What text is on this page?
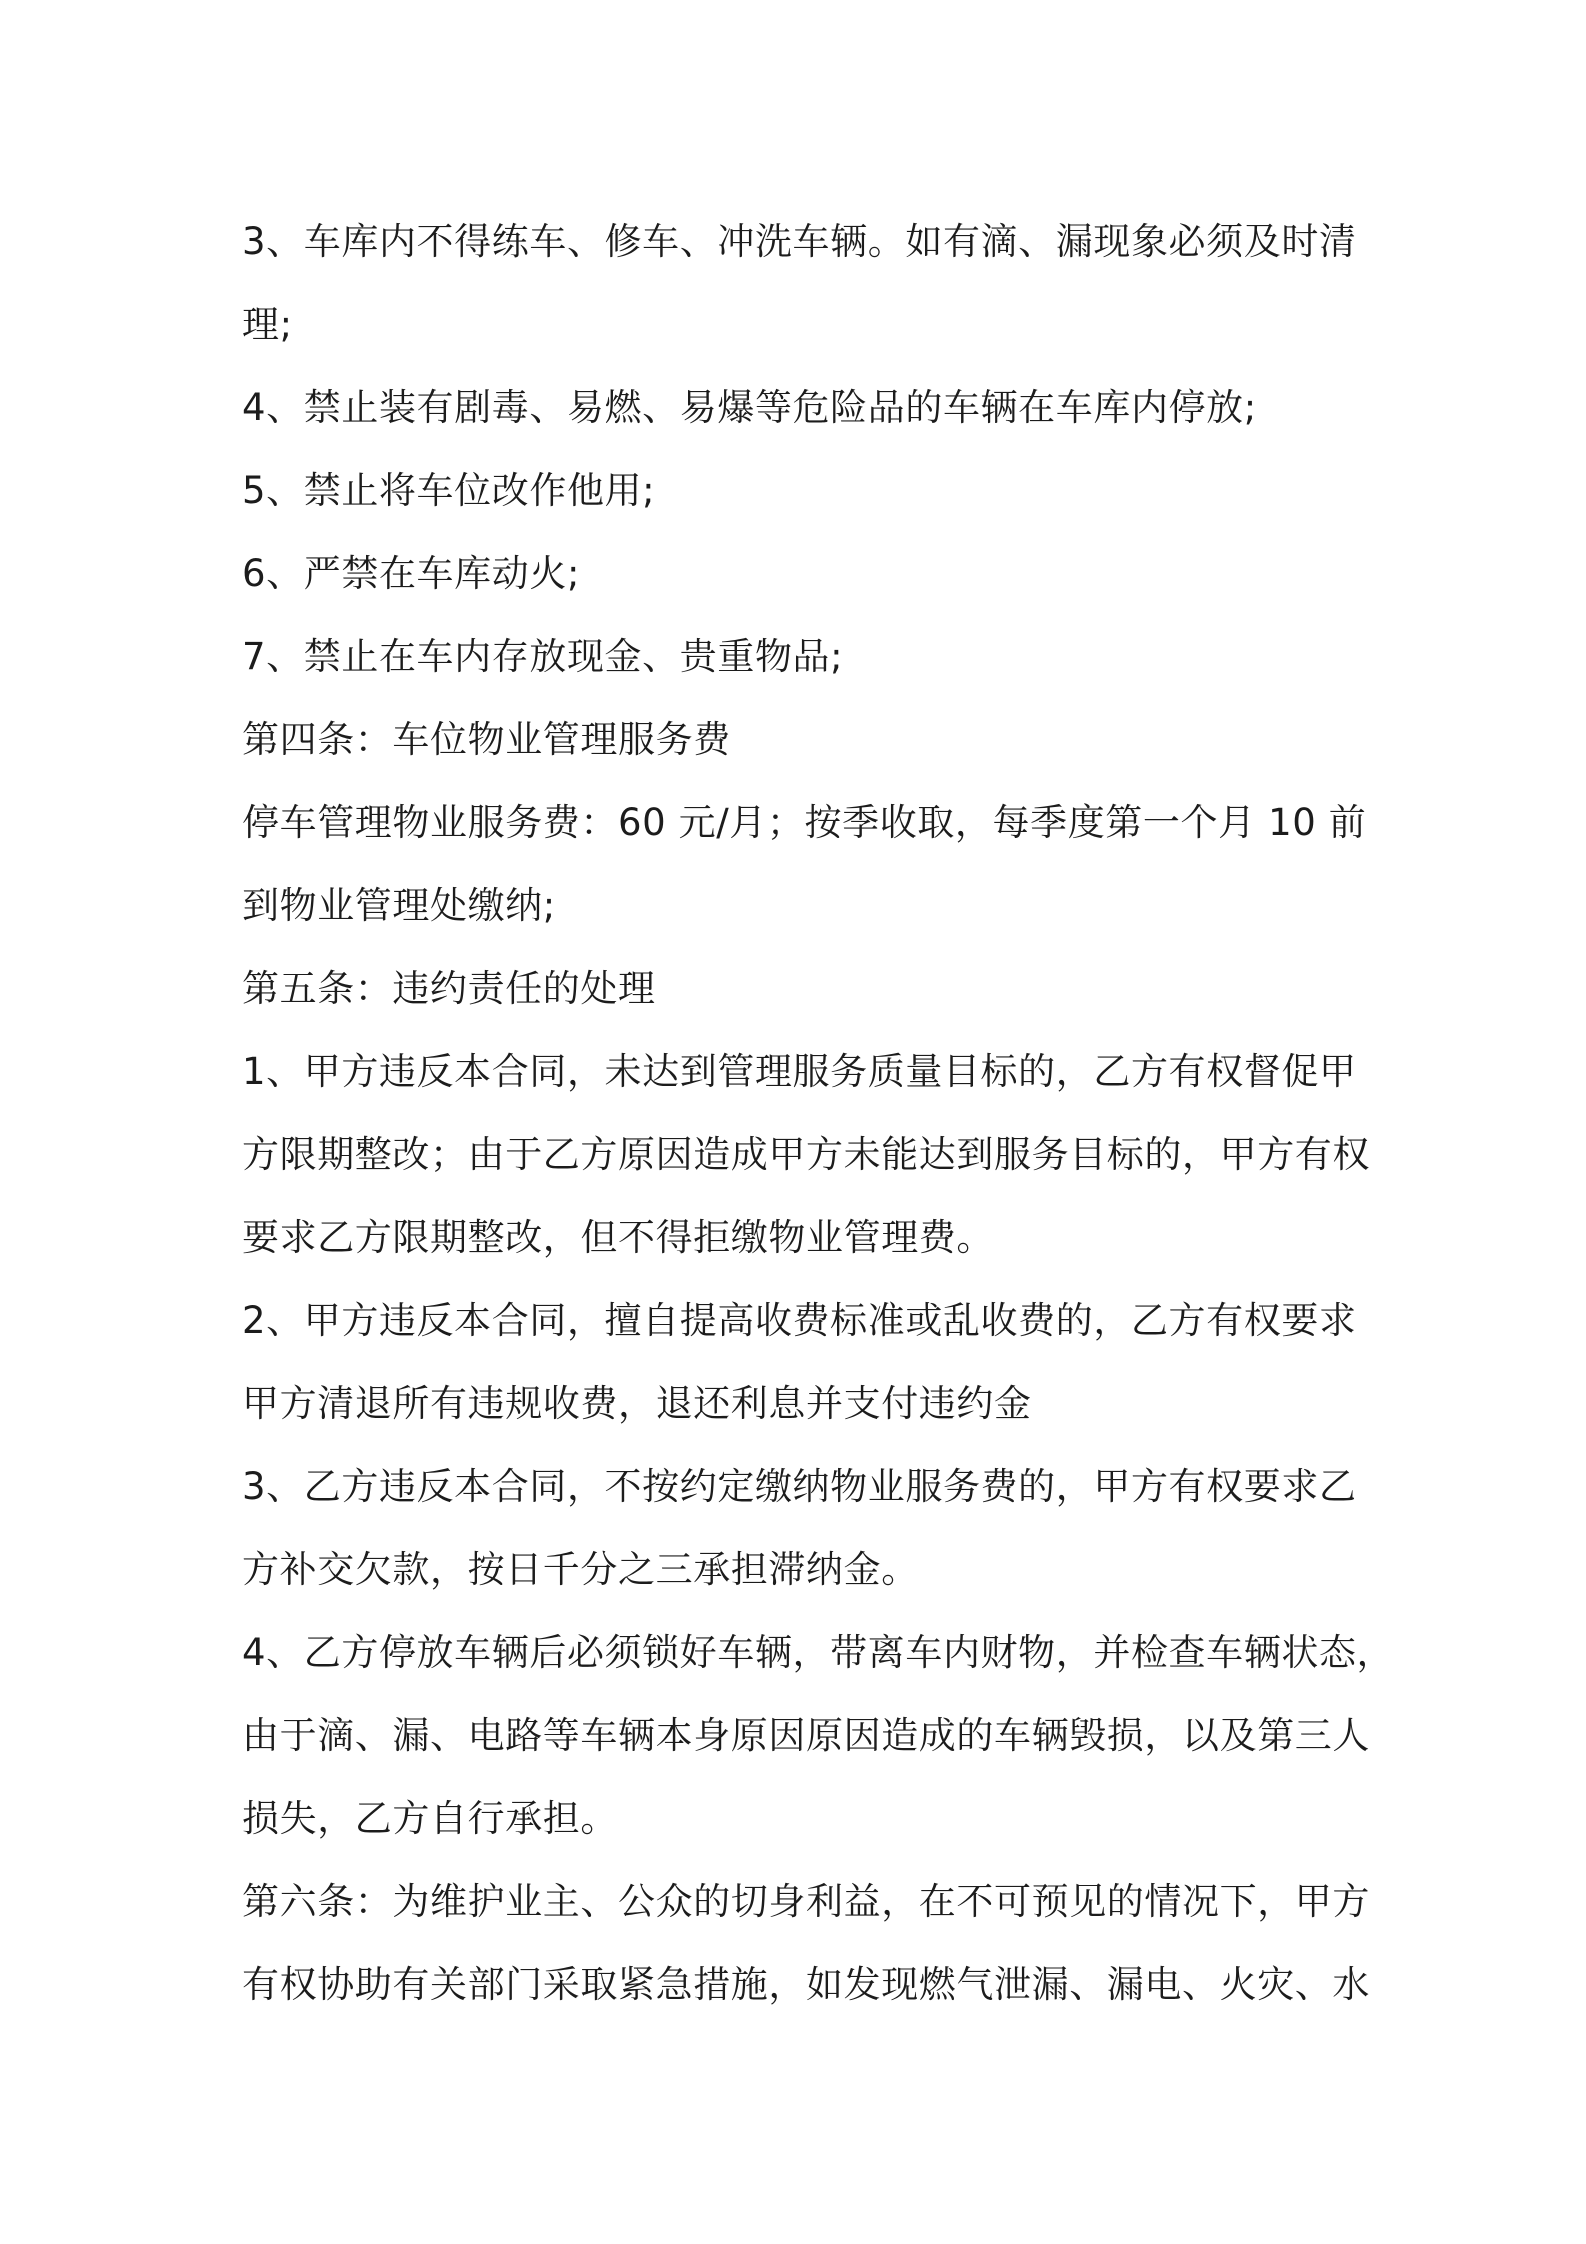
3、车库内不得练车、修车、冲洗车辆。如有滴、漏现象必须及时清
理;
4、禁止装有剧毒、易燃、易爆等危险品的车辆在车库内停放;
5、禁止将车位改作他用;
6、严禁在车库动火;
7、禁止在车内存放现金、贵重物品;
第四条：车位物业管理服务费
停车管理物业服务费：60 元/月；按季收取，每季度第一个月 10 前
到物业管理处缴纳;
第五条：违约责任的处理
1、甲方违反本合同，未达到管理服务质量目标的，乙方有权督促甲
方限期整改；由于乙方原因造成甲方未能达到服务目标的，甲方有权
要求乙方限期整改，但不得拒缴物业管理费。
2、甲方违反本合同，擅自提高收费标准或乱收费的，乙方有权要求
甲方清退所有违规收费，退还利息并支付违约金
3、乙方违反本合同，不按约定缴纳物业服务费的，甲方有权要求乙
方补交欠款，按日千分之三承担滞纳金。
4、乙方停放车辆后必须锁好车辆，带离车内财物，并检查车辆状态，
由于滴、漏、电路等车辆本身原因原因造成的车辆毁损，以及第三人
损失，乙方自行承担。
第六条：为维护业主、公众的切身利益，在不可预见的情况下，甲方
有权协助有关部门采取紧急措施，如发现燃气泄漏、漏电、火灾、水
